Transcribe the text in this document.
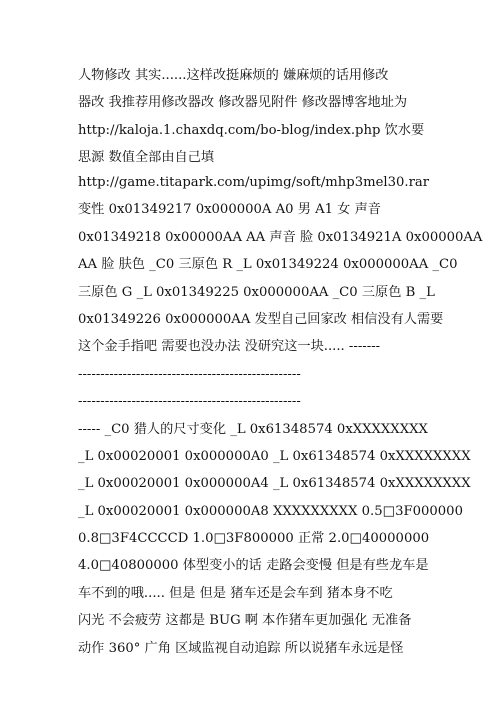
人物修改 其实......这样改挺麻烦的 嫌麻烦的话用修改
器改 我推荐用修改器改 修改器见附件 修改器博客地址为
http://kaloja.1.chaxdq.com/bo-blog/index.php 饮水要
思源 数值全部由自己填
http://game.titapark.com/upimg/soft/mhp3mel30.rar
变性 0x01349217 0x000000A A0 男 A1 女 声音
0x01349218 0x00000AA AA 声音 脸 0x0134921A 0x00000AA
AA 脸 肤色 _C0 三原色 R _L 0x01349224 0x000000AA _C0
三原色 G _L 0x01349225 0x000000AA _C0 三原色 B _L
0x01349226 0x000000AA 发型自己回家改 相信没有人需要
这个金手指吧 需要也没办法 没研究这一块..... -------
--------------------------------------------------
--------------------------------------------------
----- _C0 猎人的尺寸变化 _L 0x61348574 0xXXXXXXXX
_L 0x00020001 0x000000A0 _L 0x61348574 0xXXXXXXXX
_L 0x00020001 0x000000A4 _L 0x61348574 0xXXXXXXXX
_L 0x00020001 0x000000A8 XXXXXXXXX 0.5□3F000000
0.8□3F4CCCCD 1.0□3F800000 正常 2.0□40000000
4.0□40800000 体型变小的话 走路会变慢 但是有些龙车是
车不到的哦..... 但是 但是 猪车还是会车到 猪本身不吃
闪光 不会疲劳 这都是 BUG 啊 本作猪车更加强化 无准备
动作 360° 广角 区域监视自动追踪 所以说猪车永远是怪
